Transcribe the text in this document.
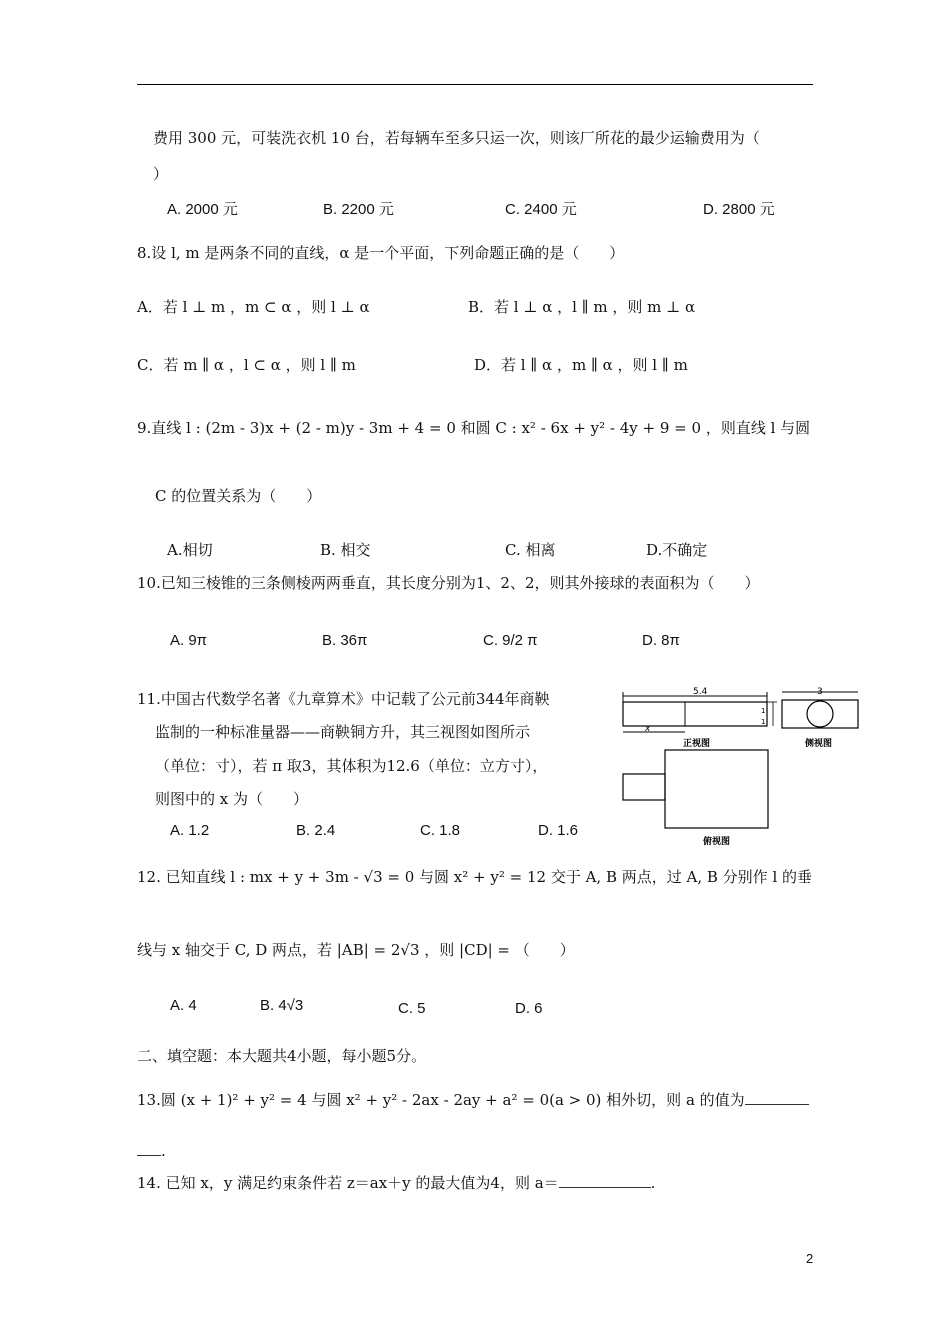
费用 300 元，可装洗衣机 10 台，若每辆车至多只运一次，则该厂所花的最少运输费用为（
）
A. 2000 元	B. 2200 元	C. 2400 元	D. 2800 元
8.设 l, m 是两条不同的直线，α 是一个平面，下列命题正确的是（　　）
A．若 l ⊥ m ，m ⊂ α ，则 l ⊥ α	B．若 l ⊥ α ，l ∥ m ，则 m ⊥ α
C．若 m ∥ α ，l ⊂ α ，则 l ∥ m	D．若 l ∥ α ，m ∥ α ，则 l ∥ m
9.直线 l : (2m - 3)x + (2 - m)y - 3m + 4 = 0 和圆 C : x² - 6x + y² - 4y + 9 = 0 ，则直线 l 与圆
C 的位置关系为（　　）
A.相切	B. 相交	C. 相离	D.不确定
10.已知三棱锥的三条侧棱两两垂直，其长度分别为1、2、2，则其外接球的表面积为（　　）
A. 9π	B. 36π	C. 9/2 π	D. 8π
11.中国古代数学名著《九章算术》中记载了公元前344年商鞅
监制的一种标准量器——商鞅铜方升，其三视图如图所示
（单位：寸），若 π 取3，其体积为12.6（单位：立方寸），
则图中的 x 为（　　）
A. 1.2	B. 2.4	C. 1.8	D. 1.6
5.4
x
1
1
正视图
3
侧视图
俯视图
12. 已知直线 l : mx + y + 3m - √3 = 0 与圆 x² + y² = 12 交于 A, B 两点，过 A, B 分别作 l 的垂
线与 x 轴交于 C, D 两点，若 |AB| = 2√3 ，则 |CD| = （　　）
A. 4	B. 4√3	C. 5	D. 6
二、填空题：本大题共4小题，每小题5分。
13.圆 (x + 1)² + y² = 4 与圆 x² + y² - 2ax - 2ay + a² = 0(a > 0) 相外切，则 a 的值为
.
14. 已知 x，y 满足约束条件若 z＝ax＋y 的最大值为4，则 a＝	.
2
